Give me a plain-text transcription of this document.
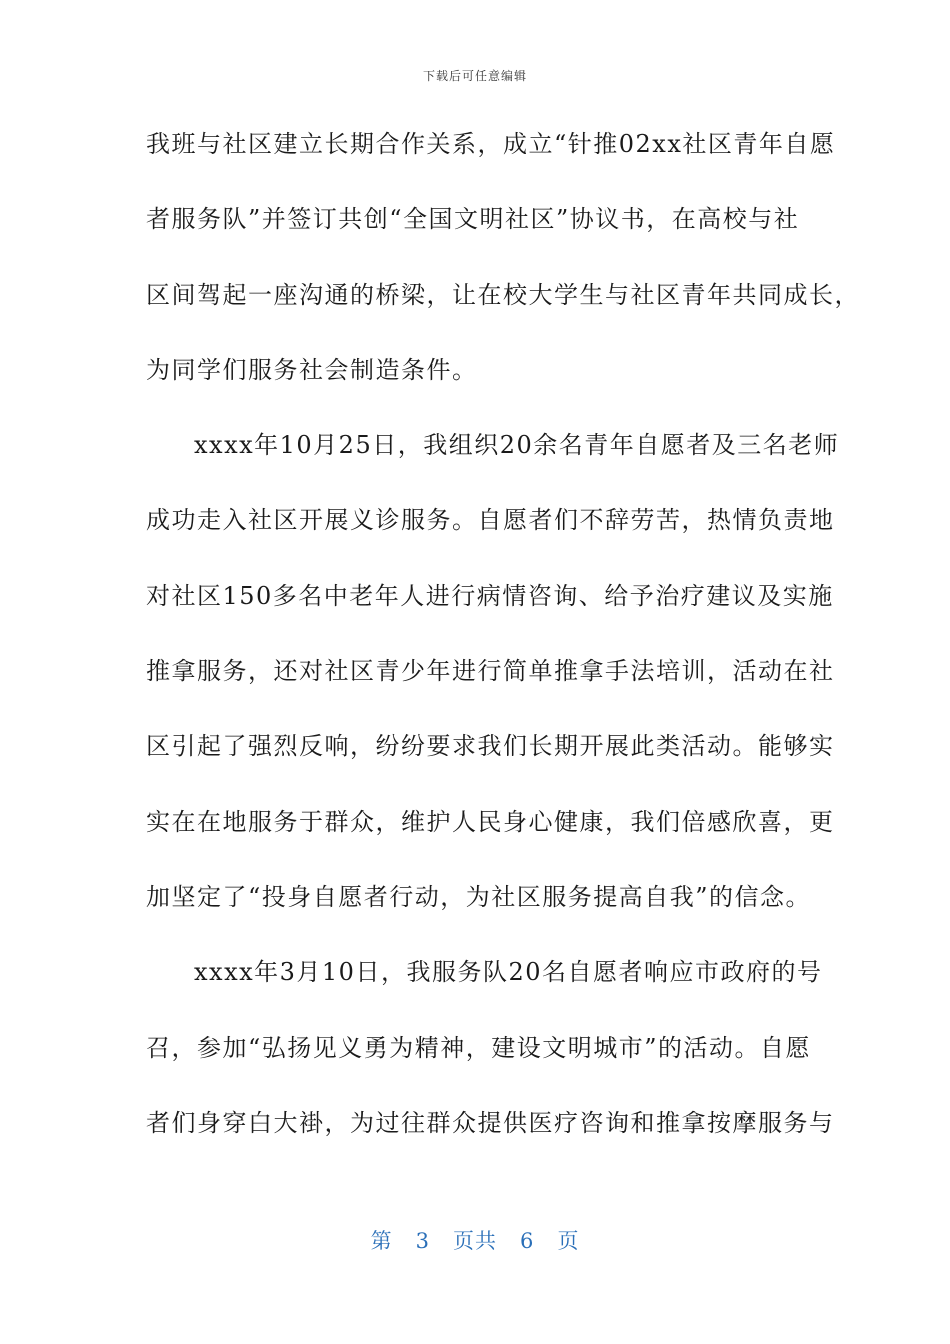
下载后可任意编辑
我班与社区建立长期合作关系，成立“针推02xx社区青年自愿
者服务队”并签订共创“全国文明社区”协议书，在高校与社
区间驾起一座沟通的桥梁，让在校大学生与社区青年共同成长，
为同学们服务社会制造条件。
xxxx年10月25日，我组织20余名青年自愿者及三名老师
成功走入社区开展义诊服务。自愿者们不辞劳苦，热情负责地
对社区150多名中老年人进行病情咨询、给予治疗建议及实施
推拿服务，还对社区青少年进行简单推拿手法培训，活动在社
区引起了强烈反响，纷纷要求我们长期开展此类活动。能够实
实在在地服务于群众，维护人民身心健康，我们倍感欣喜，更
加坚定了“投身自愿者行动，为社区服务提高自我”的信念。
xxxx年3月10日，我服务队20名自愿者响应市政府的号
召，参加“弘扬见义勇为精神，建设文明城市”的活动。自愿
者们身穿白大褂，为过往群众提供医疗咨询和推拿按摩服务与
第 3 页共 6 页
